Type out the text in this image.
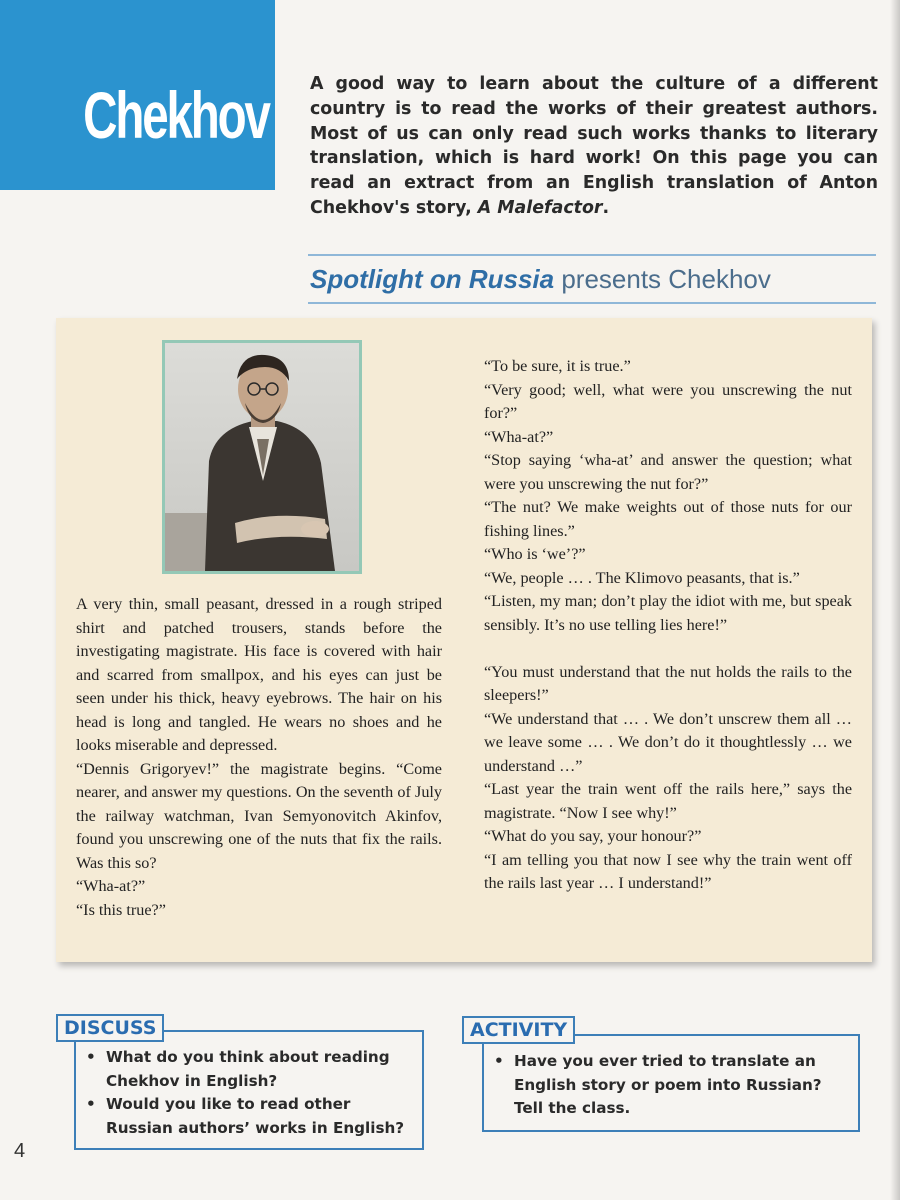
Chekhov A good way to learn about the culture of a different country is to read the works of their greatest authors. Most of us can only read such works thanks to literary translation, which is hard work! On this page you can read an extract from an English translation of Anton Chekhov's story, A Malefactor.
Spotlight on Russia presents Chekhov

A very thin, small peasant, dressed in a rough striped shirt and patched trousers, stands before the investigating magistrate. His face is covered with hair and scarred from smallpox, and his eyes can just be seen under his thick, heavy eyebrows. The hair on his head is long and tangled. He wears no shoes and he looks miserable and depressed.

“Dennis Grigoryev!” the magistrate begins. “Come nearer, and answer my questions. On the seventh of July the railway watchman, Ivan Semyonovitch Akinfov, found you unscrewing one of the nuts that fix the rails. Was this so?

“Wha-at?”

“Is this true?”

“To be sure, it is true.”

“Very good; well, what were you unscrewing the nut for?”

“Wha-at?”

“Stop saying ‘wha-at’ and answer the question; what were you unscrewing the nut for?”

“The nut? We make weights out of those nuts for our fishing lines.”

“Who is ‘we’?”

“We, people … . The Klimovo peasants, that is.”

“Listen, my man; don’t play the idiot with me, but speak sensibly. It’s no use telling lies here!”

“You must understand that the nut holds the rails to the sleepers!”

“We understand that … . We don’t unscrew them all … we leave some … . We don’t do it thoughtlessly … we understand …”

“Last year the train went off the rails here,” says the magistrate. “Now I see why!”

“What do you say, your honour?”

“I am telling you that now I see why the train went off the rails last year … I understand!”

• What do you think about reading Chekhov in English?
• Would you like to read other Russian authors’ works in English?
DISCUSS
• Have you ever tried to translate an English story or poem into Russian? Tell the class.
ACTIVITY
4
